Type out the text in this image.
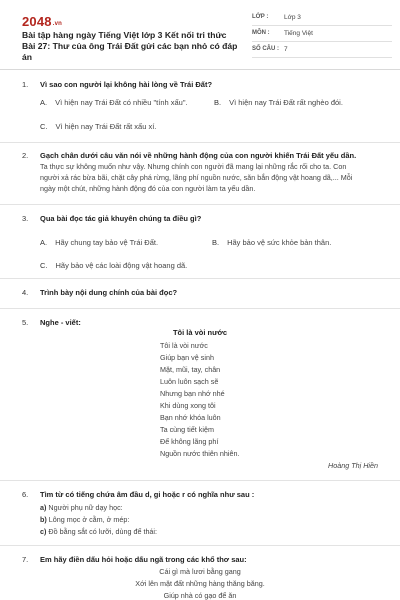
2048.vn
Bài tập hàng ngày Tiếng Việt lớp 3 Kết nối tri thức Bài 27: Thư của ông Trái Đất gửi các bạn nhỏ có đáp án
LỚP : Lớp 3
MÔN : Tiếng Việt
SỐ CÂU : 7
1. Vì sao con người lại không hài lòng về Trái Đất?
A. Vì hiện nay Trái Đất có nhiều "tính xấu".	B. Vì hiện nay Trái Đất rất nghèo đói.
C. Vì hiện nay Trái Đất rất xấu xí.
2. Gạch chân dưới câu văn nói về những hành động của con người khiến Trái Đất yếu dần.
Ta thực sự không muốn như vậy. Nhưng chính con người đã mang lại những rắc rối cho ta. Con
người xả rác bừa bãi, chặt cây phá rừng, lãng phí nguồn nước, săn bắn động vật hoang dã,... Mỗi
ngày một chút, những hành động đó của con người làm ta yếu dần.
3. Qua bài đọc tác giả khuyên chúng ta điều gì?
A. Hãy chung tay bảo vệ Trái Đất.	B. Hãy bảo vệ sức khỏe bản thân.
C. Hãy bảo vệ các loài động vật hoang dã.
4. Trình bày nội dung chính của bài đọc?
5. Nghe - viết:
Tôi là vòi nước
Tôi là vòi nước
Giúp bạn vệ sinh
Mặt, mũi, tay, chân
Luôn luôn sạch sẽ
Nhưng bạn nhớ nhé
Khi dùng xong tôi
Bạn nhớ khóa luôn
Ta cùng tiết kiệm
Để không lãng phí
Nguồn nước thiên nhiên.
Hoàng Thị Hiền
6. Tìm từ có tiếng chứa âm đầu d, gi hoặc r có nghĩa như sau :
a) Người phụ nữ dạy học:
b) Lông mọc ở cằm, ở mép:
c) Đồ bằng sắt có lưỡi, dùng để thái:
7. Em hãy điền dấu hỏi hoặc dấu ngã trong các khổ thơ sau:
Cái gì mà lươi bằng gang
Xới lên mặt đất những hàng thăng băng.
Giúp nhà có gạo để ăn
